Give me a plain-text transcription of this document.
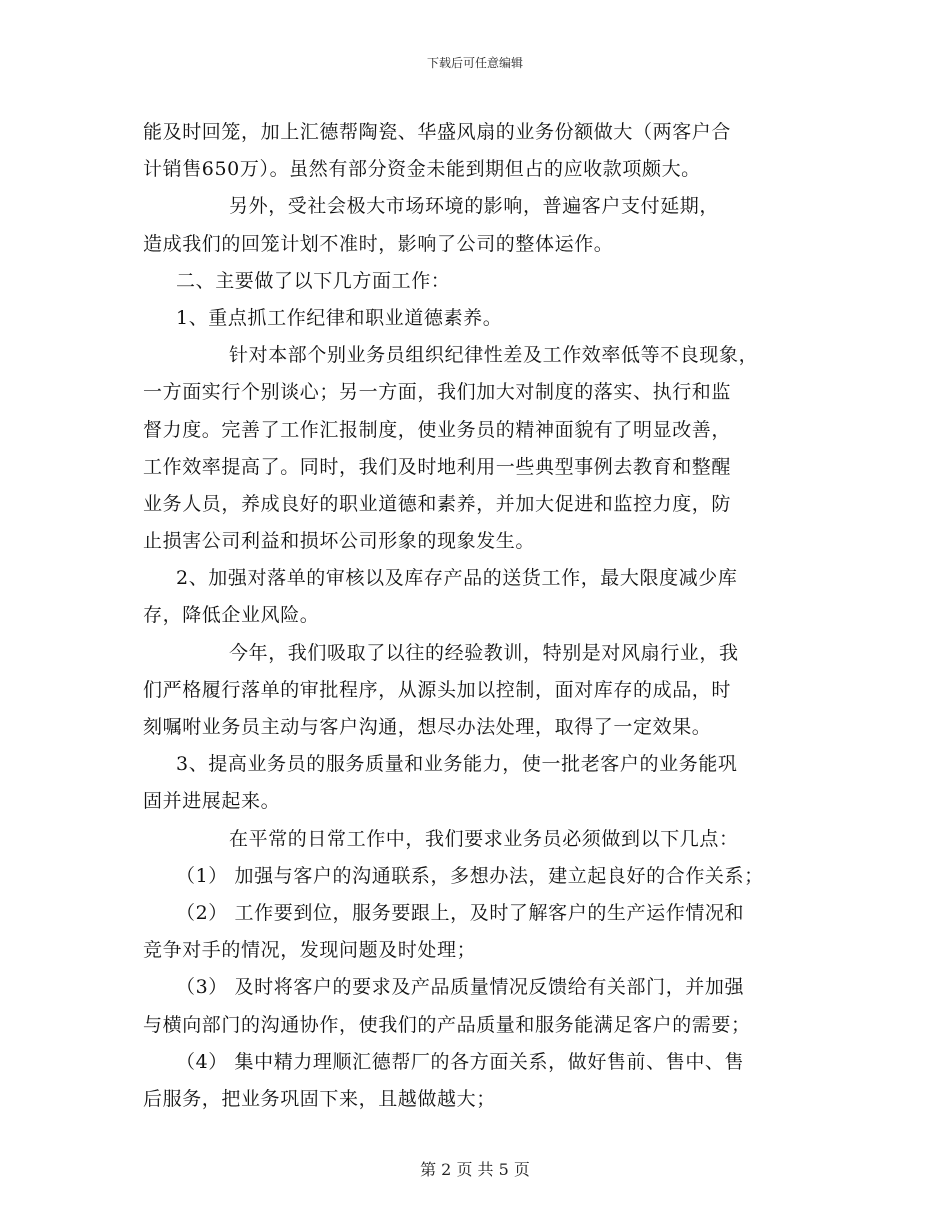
下载后可任意编辑
能及时回笼，加上汇德帮陶瓷、华盛风扇的业务份额做大（两客户合
计销售650万）。虽然有部分资金未能到期但占的应收款项颇大。
另外，受社会极大市场环境的影响，普遍客户支付延期，
造成我们的回笼计划不准时，影响了公司的整体运作。
二、主要做了以下几方面工作：
1、重点抓工作纪律和职业道德素养。
针对本部个别业务员组织纪律性差及工作效率低等不良现象，
一方面实行个别谈心；另一方面，我们加大对制度的落实、执行和监
督力度。完善了工作汇报制度，使业务员的精神面貌有了明显改善，
工作效率提高了。同时，我们及时地利用一些典型事例去教育和整醒
业务人员，养成良好的职业道德和素养，并加大促进和监控力度，防
止损害公司利益和损坏公司形象的现象发生。
2、加强对落单的审核以及库存产品的送货工作，最大限度减少库
存，降低企业风险。
今年，我们吸取了以往的经验教训，特别是对风扇行业，我
们严格履行落单的审批程序，从源头加以控制，面对库存的成品，时
刻嘱咐业务员主动与客户沟通，想尽办法处理，取得了一定效果。
3、提高业务员的服务质量和业务能力，使一批老客户的业务能巩
固并进展起来。
在平常的日常工作中，我们要求业务员必须做到以下几点：
（1） 加强与客户的沟通联系，多想办法，建立起良好的合作关系；
（2） 工作要到位，服务要跟上，及时了解客户的生产运作情况和
竞争对手的情况，发现问题及时处理；
（3） 及时将客户的要求及产品质量情况反馈给有关部门，并加强
与横向部门的沟通协作，使我们的产品质量和服务能满足客户的需要；
（4） 集中精力理顺汇德帮厂的各方面关系，做好售前、售中、售
后服务，把业务巩固下来，且越做越大；
第 2 页 共 5 页
